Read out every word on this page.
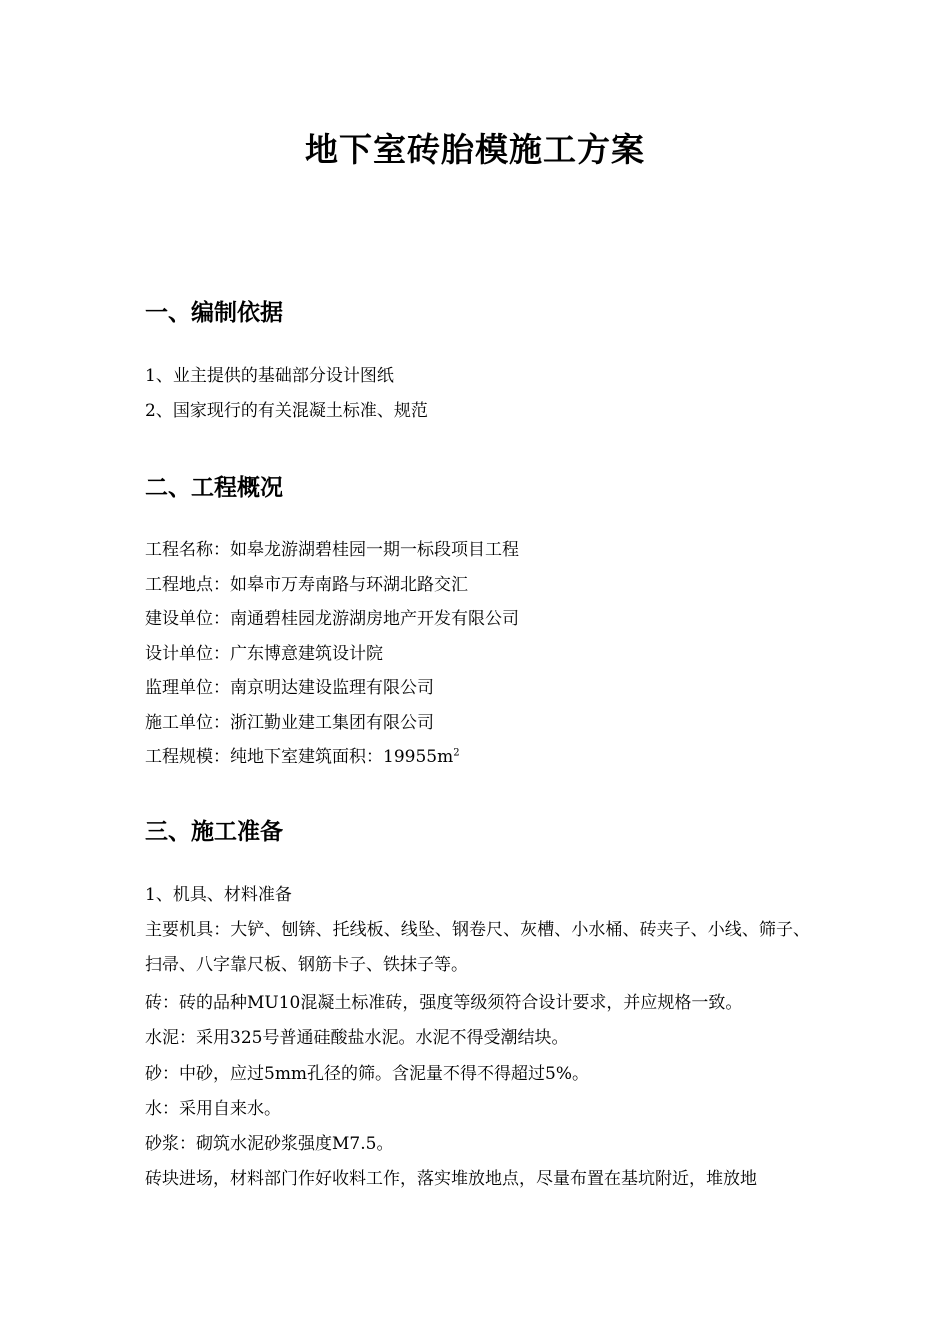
地下室砖胎模施工方案
一、编制依据
1、业主提供的基础部分设计图纸
2、国家现行的有关混凝土标准、规范
二、工程概况
工程名称：如皋龙游湖碧桂园一期一标段项目工程
工程地点：如皋市万寿南路与环湖北路交汇
建设单位：南通碧桂园龙游湖房地产开发有限公司
设计单位：广东博意建筑设计院
监理单位：南京明达建设监理有限公司
施工单位：浙江勤业建工集团有限公司
工程规模：纯地下室建筑面积：$19955m^2$
三、施工准备
1、机具、材料准备
主要机具：大铲、刨锛、托线板、线坠、钢卷尺、灰槽、小水桶、砖夹子、小线、筛子、扫帚、八字靠尺板、钢筋卡子、铁抹子等。
砖：砖的品种MU10混凝土标准砖，强度等级须符合设计要求，并应规格一致。
水泥：采用325号普通硅酸盐水泥。水泥不得受潮结块。
砂：中砂，应过5mm孔径的筛。含泥量不得不得超过5%。
水：采用自来水。
砂浆：砌筑水泥砂浆强度M7.5。
砖块进场，材料部门作好收料工作，落实堆放地点，尽量布置在基坑附近，堆放地
